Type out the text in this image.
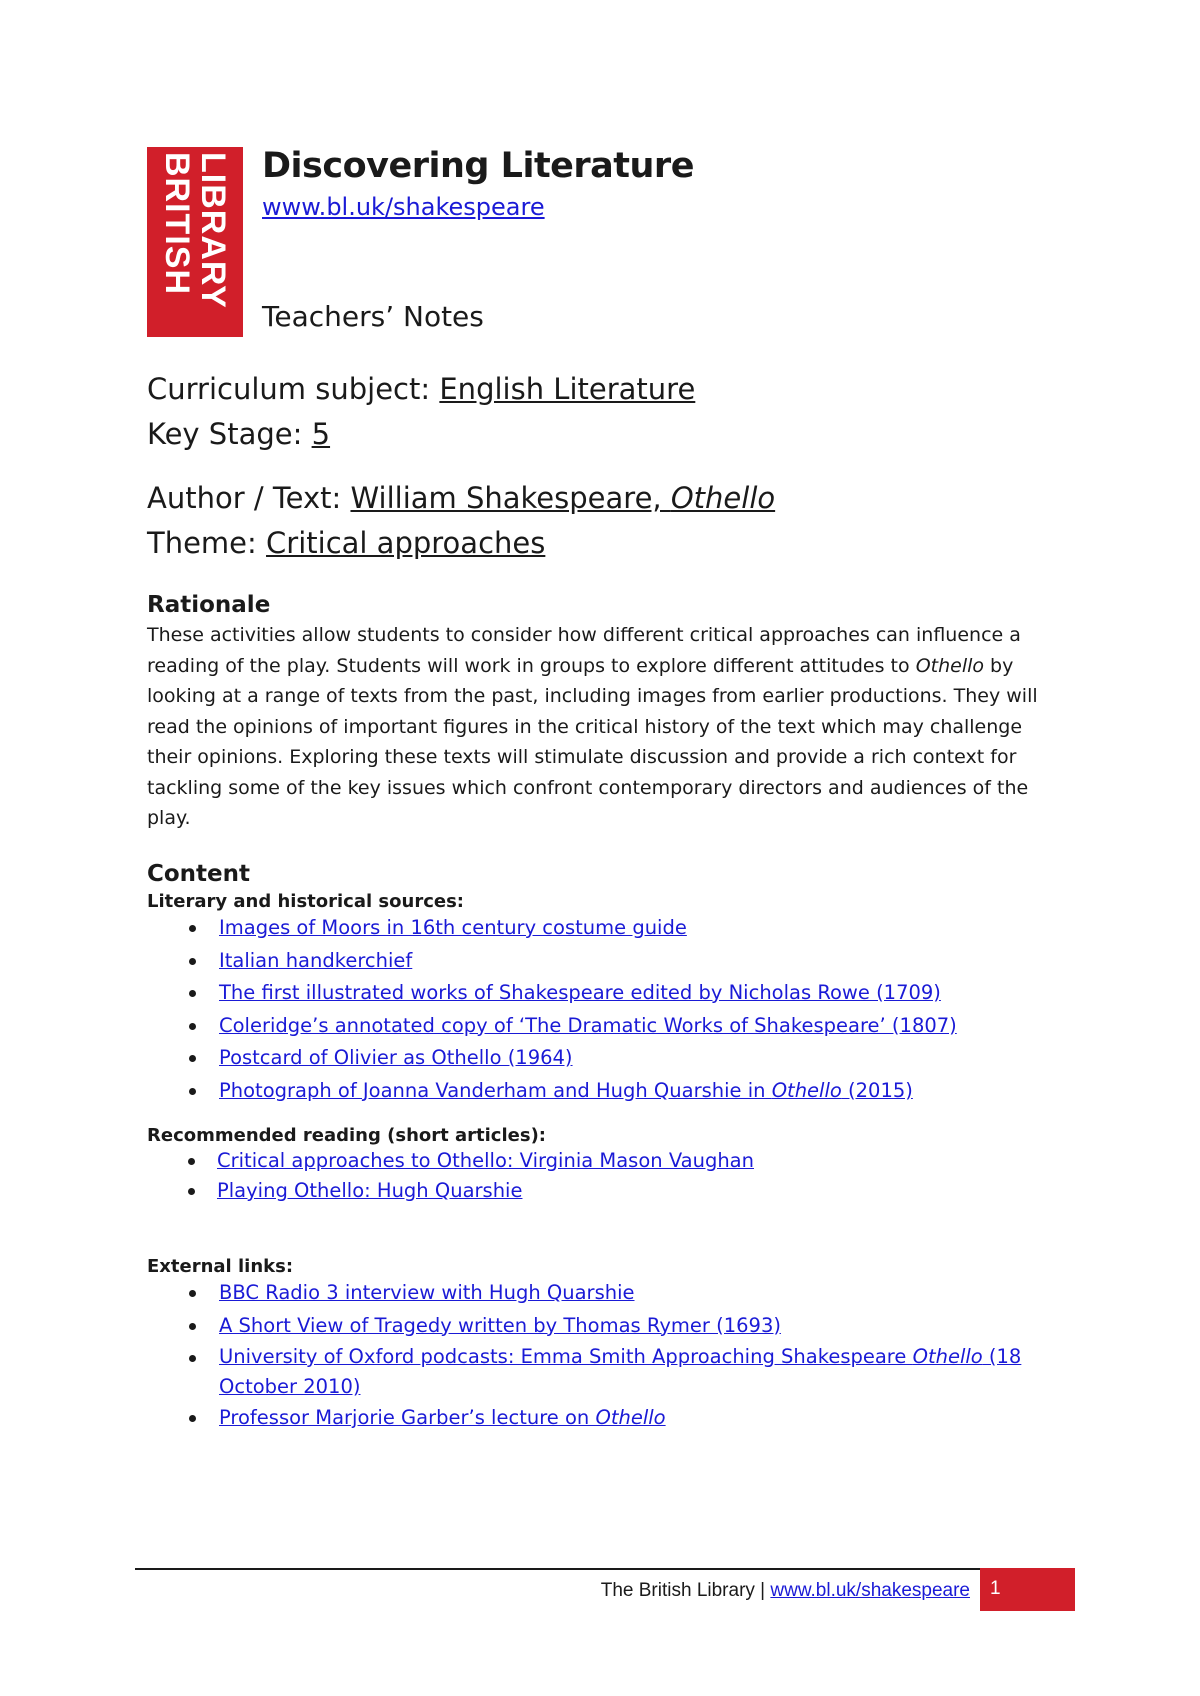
LIBRARY
BRITISH	Discovering Literature
www.bl.uk/shakespeare
Teachers’ Notes
Curriculum subject: English Literature
Key Stage: 5
Author / Text: William Shakespeare, Othello
Theme: Critical approaches
Rationale

These activities allow students to consider how different critical approaches can influence a reading of the play. Students will work in groups to explore different attitudes to Othello by looking at a range of texts from the past, including images from earlier productions. They will read the opinions of important figures in the critical history of the text which may challenge their opinions. Exploring these texts will stimulate discussion and provide a rich context for tackling some of the key issues which confront contemporary directors and audiences of the play.

Content
Literary and historical sources:
Images of Moors in 16th century costume guide
Italian handkerchief
The first illustrated works of Shakespeare edited by Nicholas Rowe (1709)
Coleridge’s annotated copy of ‘The Dramatic Works of Shakespeare’ (1807)
Postcard of Olivier as Othello (1964)
Photograph of Joanna Vanderham and Hugh Quarshie in Othello (2015)
Recommended reading (short articles):
Critical approaches to Othello: Virginia Mason Vaughan
Playing Othello: Hugh Quarshie
External links:
BBC Radio 3 interview with Hugh Quarshie
A Short View of Tragedy written by Thomas Rymer (1693)
University of Oxford podcasts: Emma Smith Approaching Shakespeare Othello (18 October 2010)
Professor Marjorie Garber’s lecture on Othello
The British Library | www.bl.uk/shakespeare 1
